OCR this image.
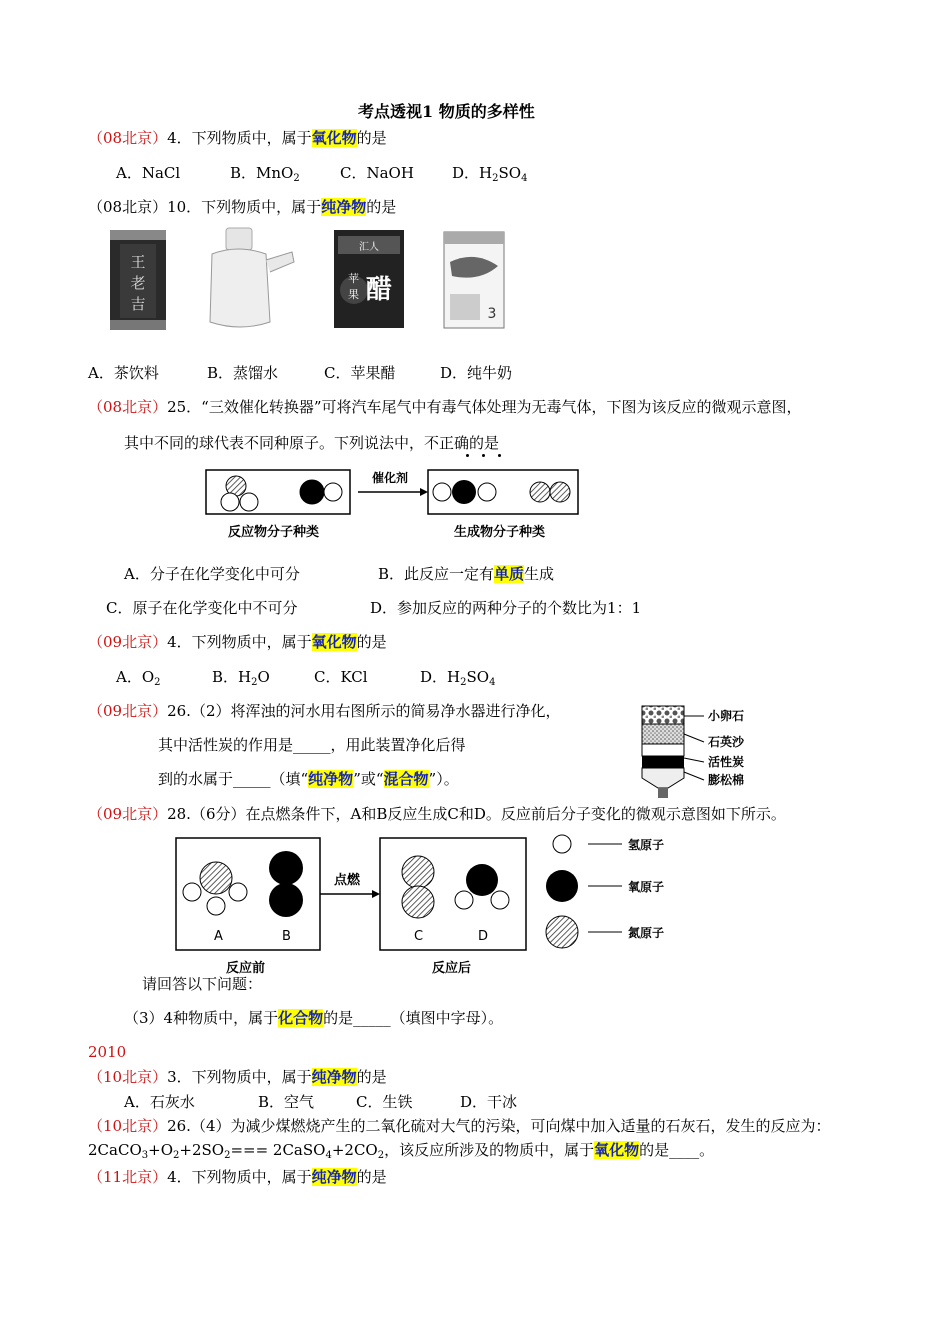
考点透视1 物质的多样性
（08北京）4．下列物质中，属于氧化物的是
A．NaCl	B．MnO$_2$	C．NaOH	D．$H_2SO_4$
（08北京）10．下列物质中，属于纯净物的是
王
老
吉
汇人
苹
果 醋
3
A．茶饮料	B．蒸馏水	C．苹果醋	D．纯牛奶
（08北京）25．“三效催化转换器”可将汽车尾气中有毒气体处理为无毒气体，下图为该反应的微观示意图，
其中不同的球代表不同种原子。下列说法中，不正确的是
催化剂
反应物分子种类	生成物分子种类
A．分子在化学变化中可分	B．此反应一定有单质生成
C．原子在化学变化中不可分	D．参加反应的两种分子的个数比为1：1
（09北京）4．下列物质中，属于氧化物的是
A．$O_2$	B．$H_2O$	C．KCl	D．$H_2SO_4$
（09北京）26.（2）将浑浊的河水用右图所示的简易净水器进行净化，
其中活性炭的作用是_____，用此装置净化后得
到的水属于_____（填“纯净物”或“混合物”）。
小卵石
石英沙
活性炭
膨松棉
（09北京）28.（6分）在点燃条件下，A和B反应生成C和D。反应前后分子变化的微观示意图如下所示。
A	B
点燃
C	D
氢原子
氧原子
氮原子
反应前	反应后
请回答以下问题：
（3）4种物质中，属于化合物的是_____（填图中字母）。
2010
（10北京）3．下列物质中，属于纯净物的是
A．石灰水	B．空气	C．生铁	D．干冰
（10北京）26.（4）为减少煤燃烧产生的二氧化硫对大气的污染，可向煤中加入适量的石灰石，发生的反应为：
$2CaCO_3+O_2+2SO_2===$ $2CaSO_4+2CO_2$，该反应所涉及的物质中，属于氧化物的是____。
（11北京）4．下列物质中，属于纯净物的是
